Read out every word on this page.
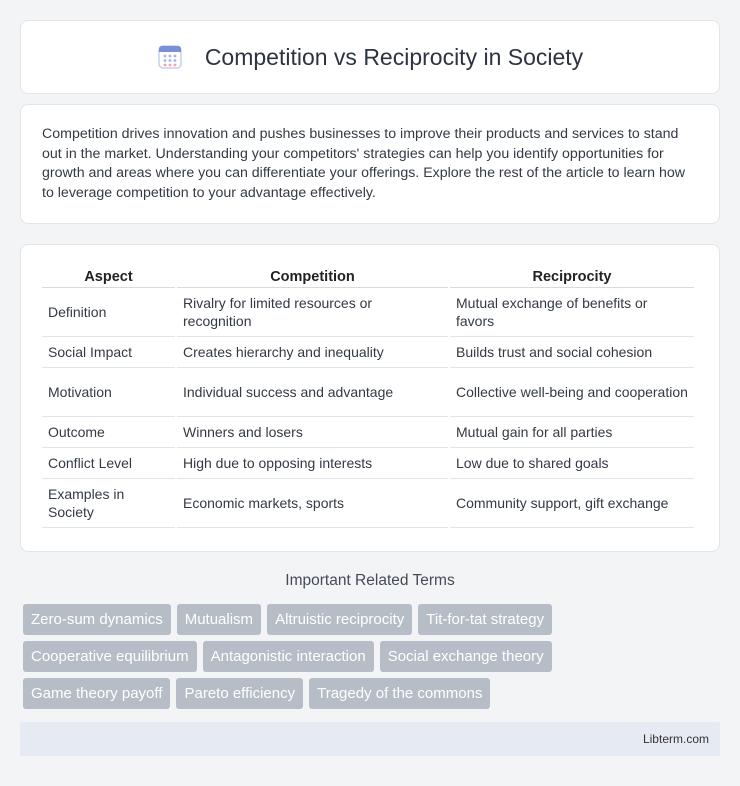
Competition vs Reciprocity in Society

Competition drives innovation and pushes businesses to improve their products and services to stand out in the market. Understanding your competitors' strategies can help you identify opportunities for growth and areas where you can differentiate your offerings. Explore the rest of the article to learn how to leverage competition to your advantage effectively.

Aspect	Competition	Reciprocity
Definition	Rivalry for limited resources or recognition	Mutual exchange of benefits or favors
Social Impact	Creates hierarchy and inequality	Builds trust and social cohesion
Motivation	Individual success and advantage	Collective well-being and cooperation
Outcome	Winners and losers	Mutual gain for all parties
Conflict Level	High due to opposing interests	Low due to shared goals
Examples in Society	Economic markets, sports	Community support, gift exchange
Important Related Terms
Zero-sum dynamics	Mutualism	Altruistic reciprocity	Tit-for-tat strategy
Cooperative equilibrium	Antagonistic interaction	Social exchange theory
Game theory payoff	Pareto efficiency	Tragedy of the commons
Libterm.com
